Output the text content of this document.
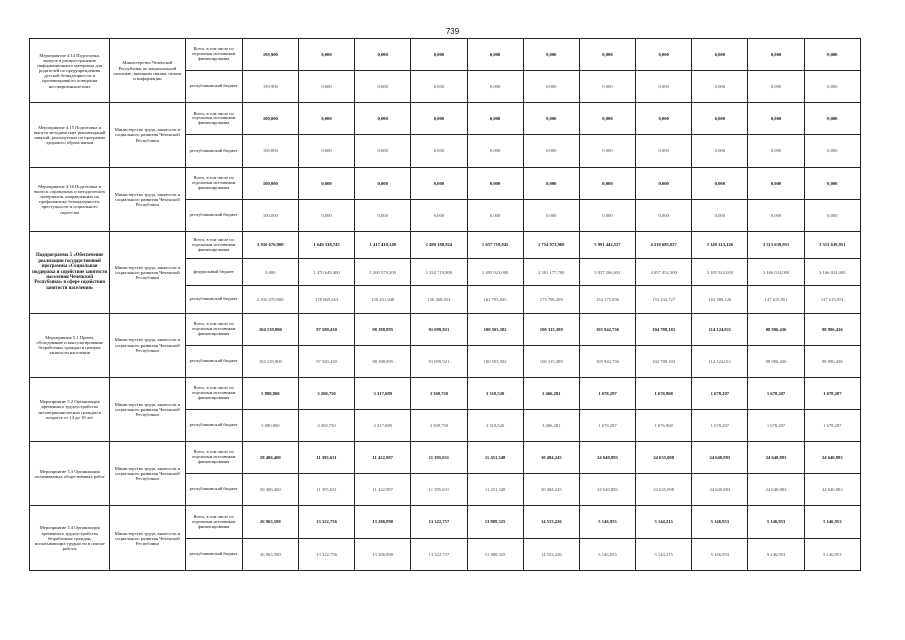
739
Мероприятие 4.14 Подготовка, выпуск и распространение информационного материала для родителей по предупреждению детской безнадзорности и противоправного поведения несовершеннолетних	Министерство Чеченской Республики по национальной политике, внешним связям, печати и информации	Всего, в том числе по отдельным источникам финансирования	199,900	0,000	0,000	0,000	0,000	0,000	0,000	0,000	0,000	0,000	0,000
		республиканский бюджет	199,900	0,000	0,000	0,000	0,000	0,000	0,000	0,000	0,000	0,000	0,000
Мероприятие 4.15 Подготовка и выпуск методических рекомендаций занятий, реализуемых по программе здорового образа жизни	Министерство труда, занятости и социального развития Чеченской Республики	Всего, в том числе по отдельным источникам финансирования	100,000	0,000	0,000	0,000	0,000	0,000	0,000	0,000	0,000	0,000	0,000
		республиканский бюджет	100,000	0,000	0,000	0,000	0,000	0,000	0,000	0,000	0,000	0,000	0,000
Мероприятие 4.16 Подготовка и выпуск справочных и методических материалов, направленных на профилактику безнадзорности, преступности и социального сиротства	Министерство труда, занятости и социального развития Чеченской Республики	Всего, в том числе по отдельным источникам финансирования	100,000	0,000	0,000	0,000	0,000	0,000	0,000	0,000	0,000	0,000	0,000
		республиканский бюджет	100,000	0,000	0,000	0,000	0,000	0,000	0,000	0,000	0,000	0,000	0,000
Подпрограмма 5 «Обеспечение реализации государственной программы «Социальная поддержка и содействие занятости населения Чеченской Республики» в сфере содействия занятости населения»	Министерство труда, занятости и социального развития Чеченской Республики	Всего, в том числе по отдельным источникам финансирования	2 916 676,900	1 649 318,743	1 417 410,148	1 489 188,924	1 657 718,945	2 754 973,969	5 991 442,527	4 210 685,027	3 349 313,126	3 313 639,951	3 313 639,951
		федеральный бюджет	0,000	1 470 649,400	1 260 979,200	1 332 719,800	1 495 923,000	2 581 177,700	5 837 266,691	4 057 452,300	3 185 924,000	3 166 024,000	3 166 024,000
		республиканский бюджет	2 916 676,900	178 669,343	156 431,948	156 468,854	161 795,945	173 796,269	154 175,836	153 232,727	163 389,126	147 615,951	147 615,951
Мероприятие 5.1 Прием, обследование и консультирование безработных граждан в центрах занятости населения	Министерство труда, занятости и социального развития Чеченской Республики	Всего, в том числе по отдельным источникам финансирования	104 139,800	97 580,430	98 188,895	91 099,921	100 503,582	100 315,389	105 942,736	104 788,183	114 124,011	98 996,436	98 996,436
		республиканский бюджет	104 139,800	97 580,430	98 188,895	91 099,921	100 503,582	100 315,389	105 942,736	104 788,183	114 124,011	98 996,436	98 996,436
Мероприятие 5.2 Организация временного трудоустройства несовершеннолетних граждан в возрасте от 14 до 18 лет	Министерство труда, занятости и социального развития Чеченской Республики	Всего, в том числе по отдельным источникам финансирования	5 880,800	3 269,750	3 317,689	3 369,750	3 318,520	3 466,281	1 678,297	1 676,968	1 678,207	1 678,207	1 678,207
		республиканский бюджет	5 880,800	3 269,750	3 317,689	3 369,750	3 318,520	3 466,281	1 678,297	1 676,968	1 678,207	1 678,207	1 678,207
Мероприятие 5.3 Организация оплачиваемых общественных работ	Министерство труда, занятости и социального развития Чеченской Республики	Всего, в том числе по отдельным источникам финансирования	58 406,400	11 395,631	11 422,987	11 395,631	11 451,348	30 484,245	24 640,883	24 635,098	24 640,883	24 640,883	24 640,883
		республиканский бюджет	58 406,400	11 395,631	11 422,987	11 395,631	11 451,348	30 484,245	24 640,883	24 635,098	24 640,883	24 640,883	24 640,883
Мероприятие 5.4 Организация временного трудоустройства безработных граждан, испытывающих трудности в поиске работы	Министерство труда, занятости и социального развития Чеченской Республики	Всего, в том числе по отдельным источникам финансирования	26 965,500	13 322,756	13 286,890	13 322,757	13 888,325	14 553,226	5 146,953	5 144,215	5 146,953	5 146,953	5 146,953
		республиканский бюджет	26 965,500	13 322,756	13 286,890	13 322,757	13 888,325	14 553,226	5 146,953	5 144,215	5 146,953	5 146,953	5 146,953
